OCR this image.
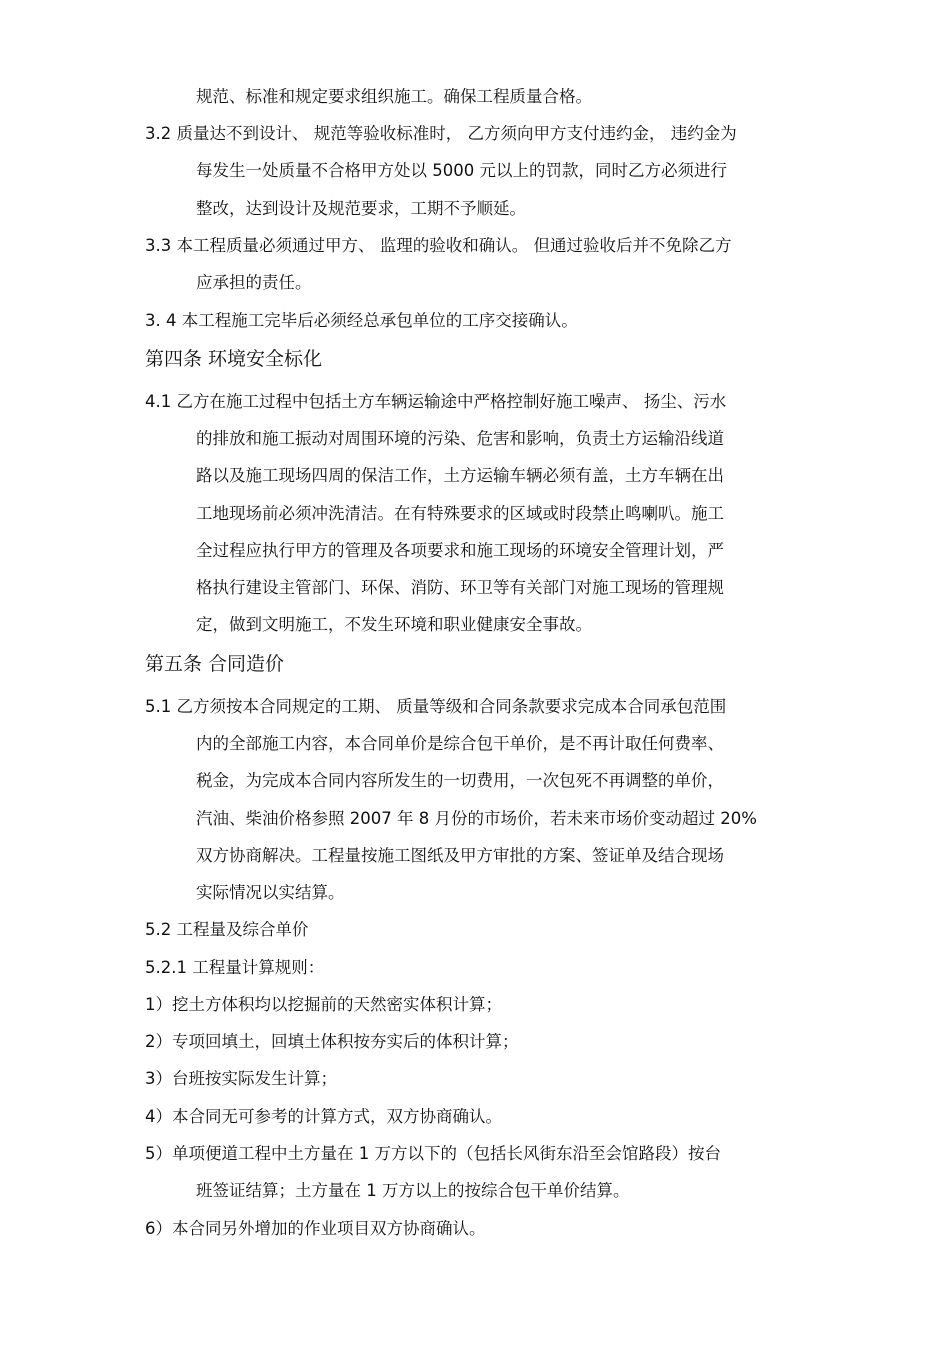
规范、标准和规定要求组织施工。确保工程质量合格。
3.2 质量达不到设计、 规范等验收标准时， 乙方须向甲方支付违约金， 违约金为
每发生一处质量不合格甲方处以 5000 元以上的罚款，同时乙方必须进行
整改，达到设计及规范要求，工期不予顺延。
3.3 本工程质量必须通过甲方、 监理的验收和确认。 但通过验收后并不免除乙方
应承担的责任。
3. 4 本工程施工完毕后必须经总承包单位的工序交接确认。
第四条 环境安全标化
4.1 乙方在施工过程中包括土方车辆运输途中严格控制好施工噪声、 扬尘、污水
的排放和施工振动对周围环境的污染、危害和影响，负责土方运输沿线道
路以及施工现场四周的保洁工作，土方运输车辆必须有盖，土方车辆在出
工地现场前必须冲洗清洁。在有特殊要求的区域或时段禁止鸣喇叭。施工
全过程应执行甲方的管理及各项要求和施工现场的环境安全管理计划，严
格执行建设主管部门、环保、消防、环卫等有关部门对施工现场的管理规
定，做到文明施工，不发生环境和职业健康安全事故。
第五条 合同造价
5.1 乙方须按本合同规定的工期、 质量等级和合同条款要求完成本合同承包范围
内的全部施工内容，本合同单价是综合包干单价，是不再计取任何费率、
税金，为完成本合同内容所发生的一切费用，一次包死不再调整的单价，
汽油、柴油价格参照 2007 年 8 月份的市场价，若未来市场价变动超过 20%
双方协商解决。工程量按施工图纸及甲方审批的方案、签证单及结合现场
实际情况以实结算。
5.2 工程量及综合单价
5.2.1 工程量计算规则：
1）挖土方体积均以挖掘前的天然密实体积计算；
2）专项回填土，回填土体积按夯实后的体积计算；
3）台班按实际发生计算；
4）本合同无可参考的计算方式，双方协商确认。
5）单项便道工程中土方量在 1 万方以下的（包括长风街东沿至会馆路段）按台
班签证结算；土方量在 1 万方以上的按综合包干单价结算。
6）本合同另外增加的作业项目双方协商确认。
